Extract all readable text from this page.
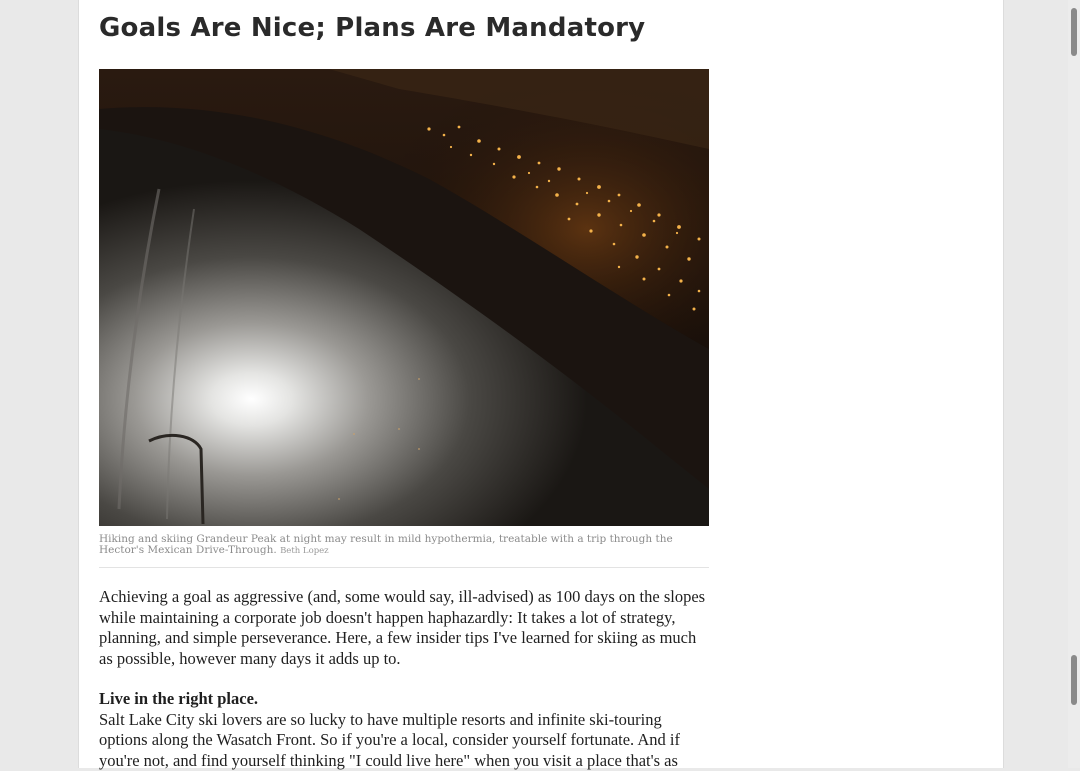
Goals Are Nice; Plans Are Mandatory
Hiking and skiing Grandeur Peak at night may result in mild hypothermia, treatable with a trip through the Hector's Mexican Drive-Through. Beth Lopez

Achieving a goal as aggressive (and, some would say, ill-advised) as 100 days on the slopes while maintaining a corporate job doesn't happen haphazardly: It takes a lot of strategy, planning, and simple perseverance. Here, a few insider tips I've learned for skiing as much as possible, however many days it adds up to.

Live in the right place.

Salt Lake City ski lovers are so lucky to have multiple resorts and infinite ski-touring options along the Wasatch Front. So if you're a local, consider yourself fortunate. And if you're not, and find yourself thinking "I could live here" when you visit a place that's as
